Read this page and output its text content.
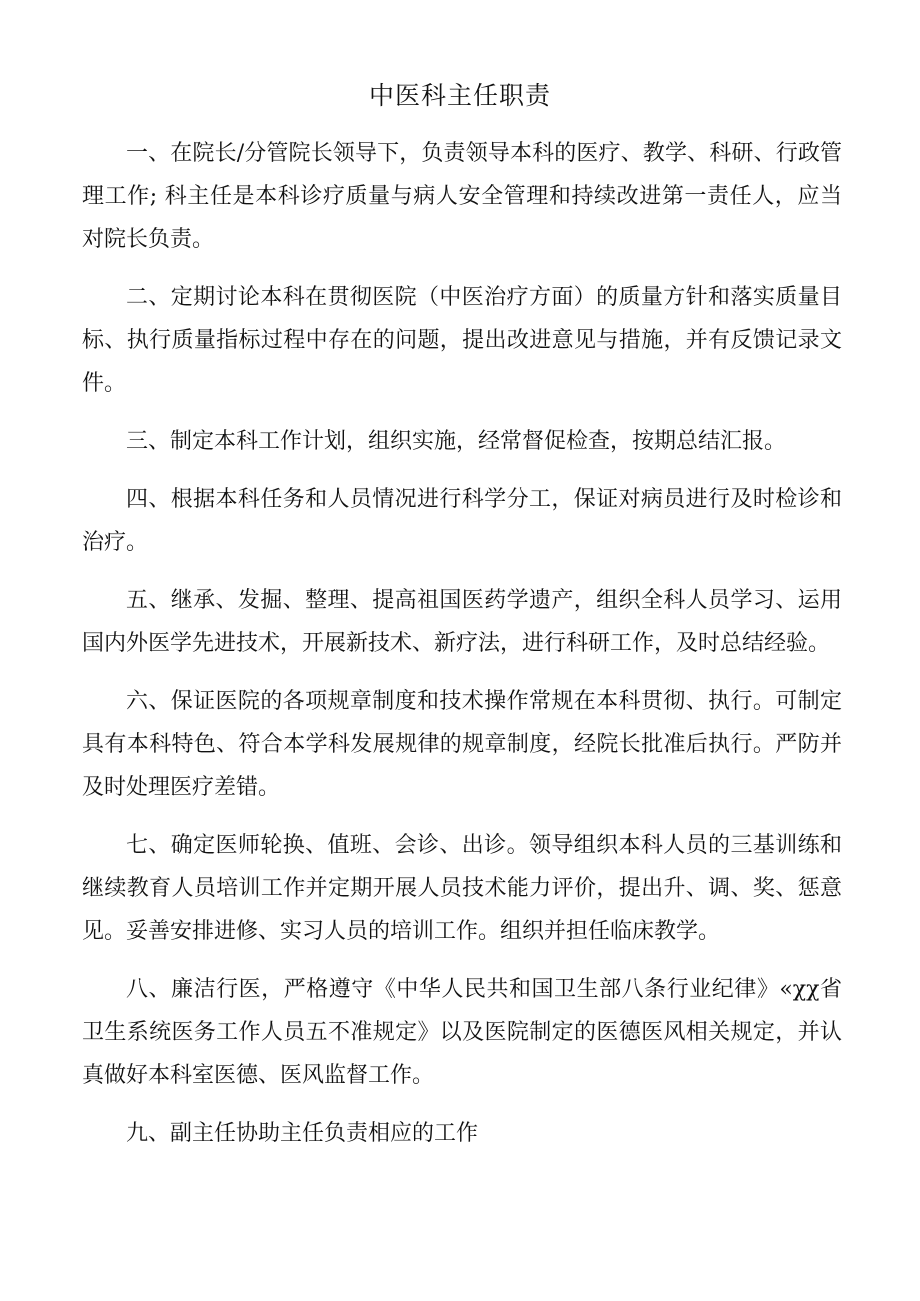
中医科主任职责

一、在院长/分管院长领导下，负责领导本科的医疗、教学、科研、行政管理工作; 科主任是本科诊疗质量与病人安全管理和持续改进第一责任人，应当对院长负责。

二、定期讨论本科在贯彻医院（中医治疗方面）的质量方针和落实质量目标、执行质量指标过程中存在的问题，提出改进意见与措施，并有反馈记录文件。

三、制定本科工作计划，组织实施，经常督促检查，按期总结汇报。

四、根据本科任务和人员情况进行科学分工，保证对病员进行及时检诊和治疗。

五、继承、发掘、整理、提高祖国医药学遗产，组织全科人员学习、运用国内外医学先进技术，开展新技术、新疗法，进行科研工作，及时总结经验。

六、保证医院的各项规章制度和技术操作常规在本科贯彻、执行。可制定具有本科特色、符合本学科发展规律的规章制度，经院长批准后执行。严防并及时处理医疗差错。

七、确定医师轮换、值班、会诊、出诊。领导组织本科人员的三基训练和继续教育人员培训工作并定期开展人员技术能力评价，提出升、调、奖、惩意见。妥善安排进修、实习人员的培训工作。组织并担任临床教学。

八、廉洁行医，严格遵守《中华人民共和国卫生部八条行业纪律》«χχ省卫生系统医务工作人员五不准规定》以及医院制定的医德医风相关规定，并认真做好本科室医德、医风监督工作。

九、副主任协助主任负责相应的工作
